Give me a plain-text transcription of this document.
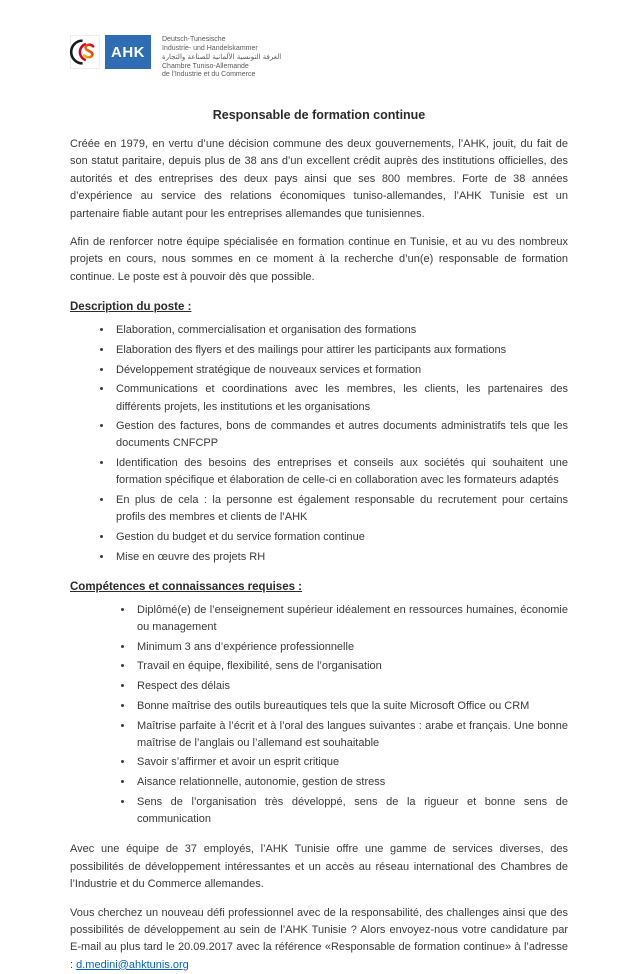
AHK
Deutsch-Tunesische
Industrie- und Handelskammer
الغرفة التونسية الألمانية للصناعة والتجارة
Chambre Tuniso-Allemande
de l’Industrie et du Commerce
Responsable de formation continue

Créée en 1979, en vertu d’une décision commune des deux gouvernements, l’AHK, jouit, du fait de son statut paritaire, depuis plus de 38 ans d’un excellent crédit auprès des institutions officielles, des autorités et des entreprises des deux pays ainsi que ses 800 membres. Forte de 38 années d’expérience au service des relations économiques tuniso-allemandes, l’AHK Tunisie est un partenaire fiable autant pour les entreprises allemandes que tunisiennes.

Afin de renforcer notre équipe spécialisée en formation continue en Tunisie, et au vu des nombreux projets en cours, nous sommes en ce moment à la recherche d’un(e) responsable de formation continue. Le poste est à pouvoir dès que possible.

Description du poste :
• Elaboration, commercialisation et organisation des formations
• Elaboration des flyers et des mailings pour attirer les participants aux formations
• Développement stratégique de nouveaux services et formation
• Communications et coordinations avec les membres, les clients, les partenaires des différents projets, les institutions et les organisations
• Gestion des factures, bons de commandes et autres documents administratifs tels que les documents CNFCPP
• Identification des besoins des entreprises et conseils aux sociétés qui souhaitent une formation spécifique et élaboration de celle-ci en collaboration avec les formateurs adaptés
• En plus de cela : la personne est également responsable du recrutement pour certains profils des membres et clients de l’AHK
• Gestion du budget et du service formation continue
• Mise en œuvre des projets RH
Compétences et connaissances requises :
• Diplômé(e) de l’enseignement supérieur idéalement en ressources humaines, économie ou management
• Minimum 3 ans d’expérience professionnelle
• Travail en équipe, flexibilité, sens de l’organisation
• Respect des délais
• Bonne maîtrise des outils bureautiques tels que la suite Microsoft Office ou CRM
• Maîtrise parfaite à l’écrit et à l’oral des langues suivantes : arabe et français. Une bonne maîtrise de l’anglais ou l’allemand est souhaitable
• Savoir s’affirmer et avoir un esprit critique
• Aisance relationnelle, autonomie, gestion de stress
• Sens de l’organisation très développé, sens de la rigueur et bonne sens de communication

Avec une équipe de 37 employés, l’AHK Tunisie offre une gamme de services diverses, des possibilités de développement intéressantes et un accès au réseau international des Chambres de l’Industrie et du Commerce allemandes.

Vous cherchez un nouveau défi professionnel avec de la responsabilité, des challenges ainsi que des possibilités de développement au sein de l’AHK Tunisie ? Alors envoyez-nous votre candidature par E-mail au plus tard le 20.09.2017 avec la référence «Responsable de formation continue» à l’adresse : d.medini@ahktunis.org
